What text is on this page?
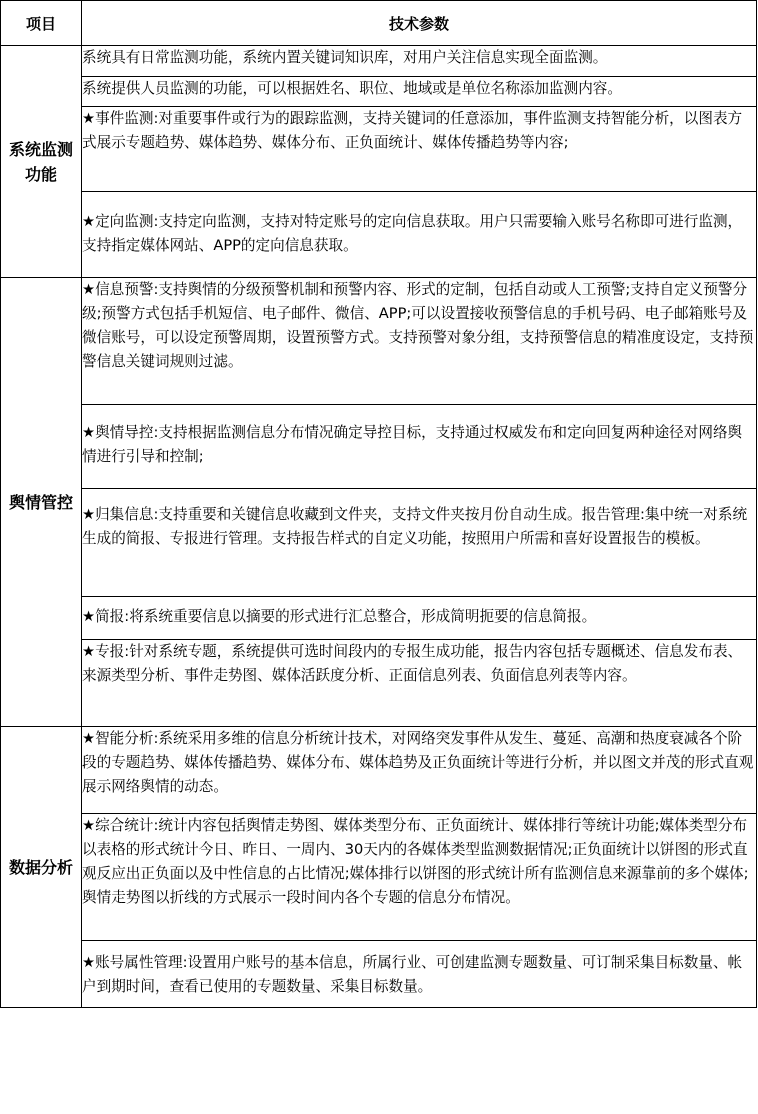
项目	技术参数
系统监测功能	系统具有日常监测功能，系统内置关键词知识库，对用户关注信息实现全面监测。

	系统提供人员监测的功能，可以根据姓名、职位、地域或是单位名称添加监测内容。

	★事件监测:对重要事件或行为的跟踪监测，支持关键词的任意添加，事件监测支持智能分析，以图表方式展示专题趋势、媒体趋势、媒体分布、正负面统计、媒体传播趋势等内容;

	★定向监测:支持定向监测，支持对特定账号的定向信息获取。用户只需要输入账号名称即可进行监测，支持指定媒体网站、APP的定向信息获取。

舆情管控	★信息预警:支持舆情的分级预警机制和预警内容、形式的定制，包括自动或人工预警;支持自定义预警分级;预警方式包括手机短信、电子邮件、微信、APP;可以设置接收预警信息的手机号码、电子邮箱账号及微信账号，可以设定预警周期，设置预警方式。支持预警对象分组，支持预警信息的精准度设定，支持预警信息关键词规则过滤。

	★舆情导控:支持根据监测信息分布情况确定导控目标，支持通过权威发布和定向回复两种途径对网络舆情进行引导和控制;

	★归集信息:支持重要和关键信息收藏到文件夹，支持文件夹按月份自动生成。报告管理:集中统一对系统生成的简报、专报进行管理。支持报告样式的自定义功能，按照用户所需和喜好设置报告的模板。

	★简报:将系统重要信息以摘要的形式进行汇总整合，形成简明扼要的信息简报。

	★专报:针对系统专题，系统提供可选时间段内的专报生成功能，报告内容包括专题概述、信息发布表、来源类型分析、事件走势图、媒体活跃度分析、正面信息列表、负面信息列表等内容。

数据分析	★智能分析:系统采用多维的信息分析统计技术，对网络突发事件从发生、蔓延、高潮和热度衰减各个阶段的专题趋势、媒体传播趋势、媒体分布、媒体趋势及正负面统计等进行分析，并以图文并茂的形式直观展示网络舆情的动态。

	★综合统计:统计内容包括舆情走势图、媒体类型分布、正负面统计、媒体排行等统计功能;媒体类型分布以表格的形式统计今日、昨日、一周内、30天内的各媒体类型监测数据情况;正负面统计以饼图的形式直观反应出正负面以及中性信息的占比情况;媒体排行以饼图的形式统计所有监测信息来源靠前的多个媒体;舆情走势图以折线的方式展示一段时间内各个专题的信息分布情况。

	★账号属性管理:设置用户账号的基本信息，所属行业、可创建监测专题数量、可订制采集目标数量、帐户到期时间，查看已使用的专题数量、采集目标数量。
